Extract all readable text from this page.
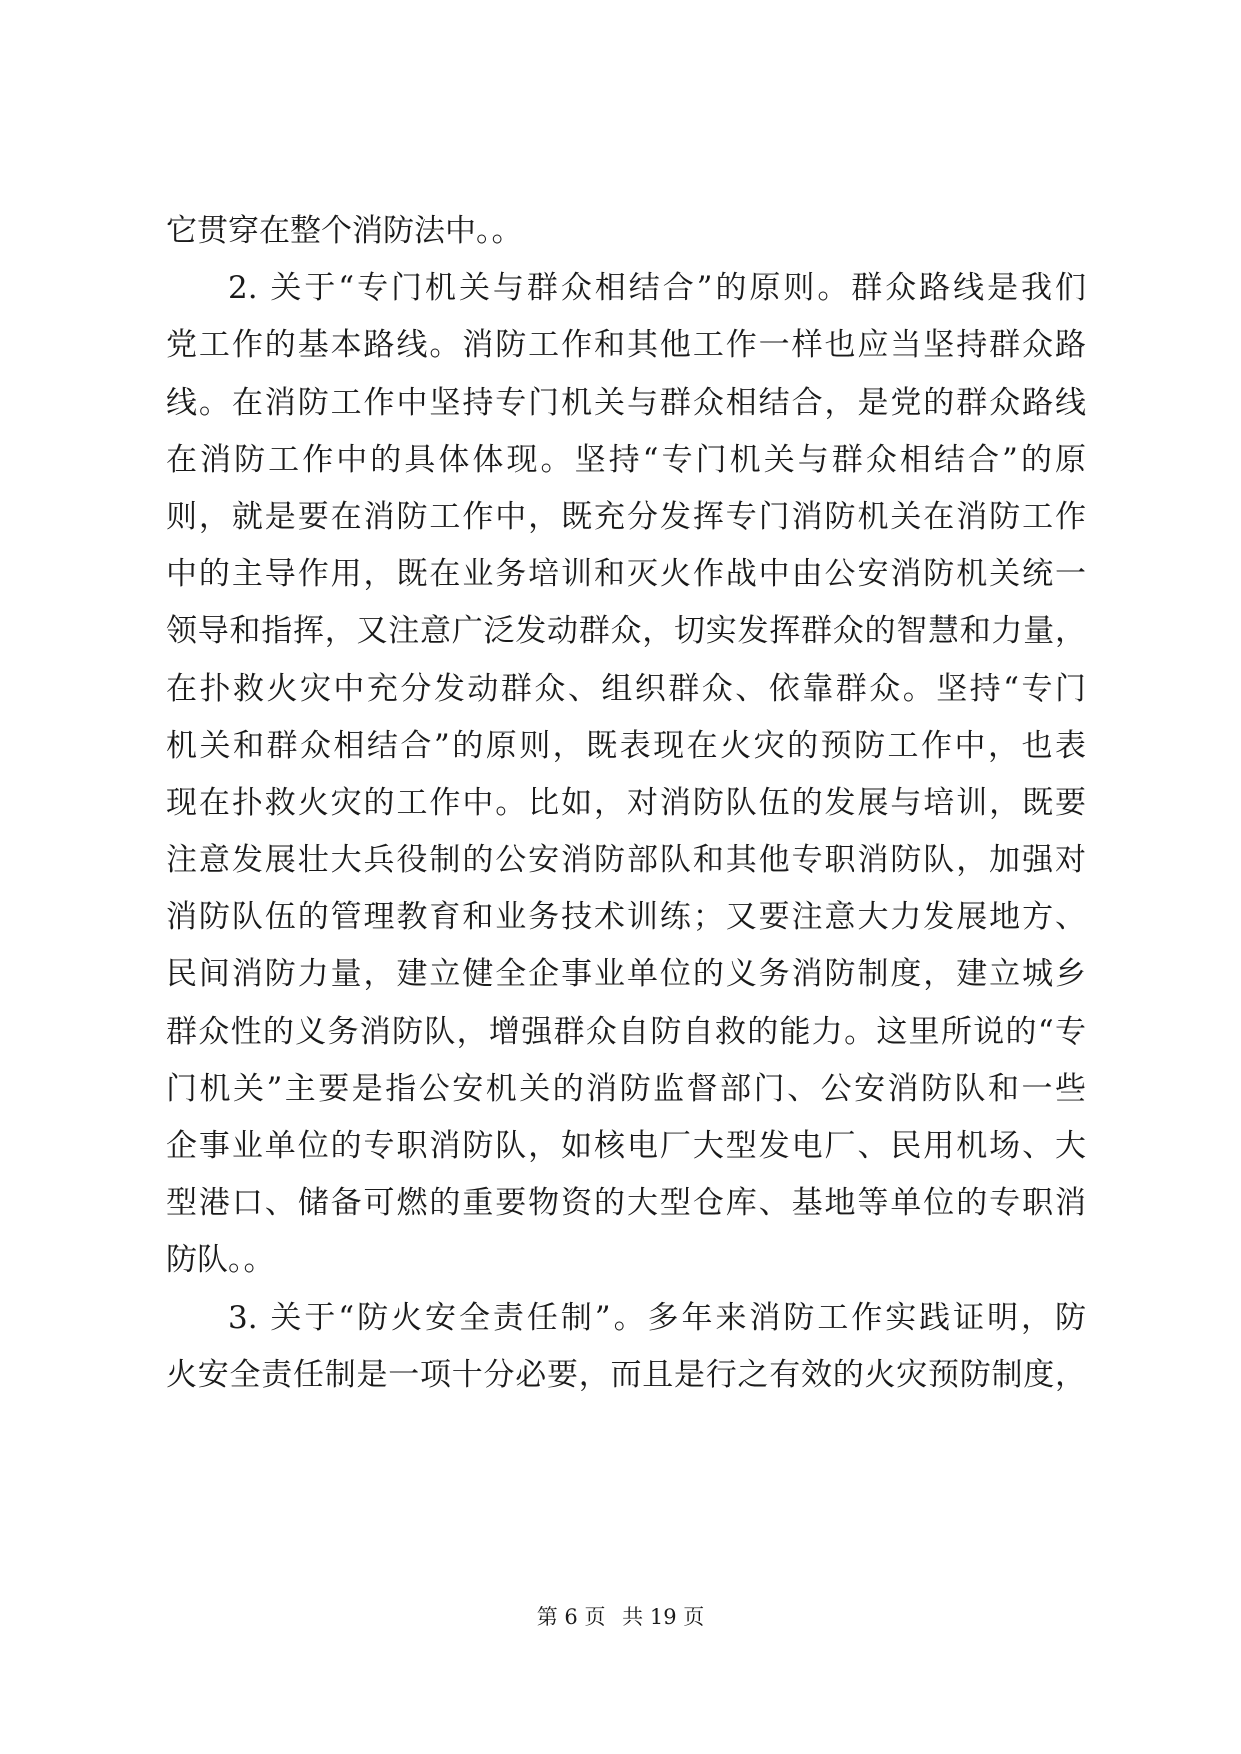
它贯穿在整个消防法中。。
2. 关于“专门机关与群众相结合”的原则。群众路线是我们
党工作的基本路线。消防工作和其他工作一样也应当坚持群众路
线。在消防工作中坚持专门机关与群众相结合，是党的群众路线
在消防工作中的具体体现。坚持“专门机关与群众相结合”的原
则，就是要在消防工作中，既充分发挥专门消防机关在消防工作
中的主导作用，既在业务培训和灭火作战中由公安消防机关统一
领导和指挥，又注意广泛发动群众，切实发挥群众的智慧和力量，
在扑救火灾中充分发动群众、组织群众、依靠群众。坚持“专门
机关和群众相结合”的原则，既表现在火灾的预防工作中，也表
现在扑救火灾的工作中。比如，对消防队伍的发展与培训，既要
注意发展壮大兵役制的公安消防部队和其他专职消防队，加强对
消防队伍的管理教育和业务技术训练；又要注意大力发展地方、
民间消防力量，建立健全企事业单位的义务消防制度，建立城乡
群众性的义务消防队，增强群众自防自救的能力。这里所说的“专
门机关”主要是指公安机关的消防监督部门、公安消防队和一些
企事业单位的专职消防队，如核电厂大型发电厂、民用机场、大
型港口、储备可燃的重要物资的大型仓库、基地等单位的专职消
防队。。
3. 关于“防火安全责任制”。多年来消防工作实践证明，防
火安全责任制是一项十分必要，而且是行之有效的火灾预防制度，
第 6 页 共 19 页
